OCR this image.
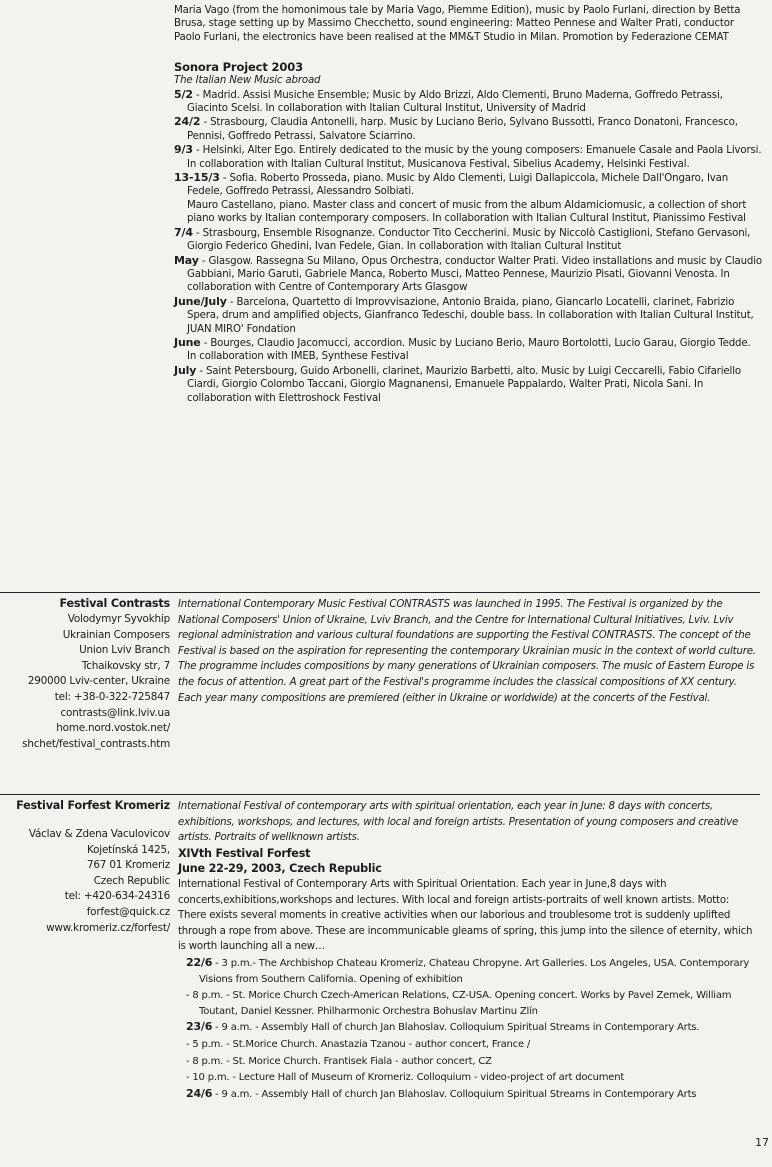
Maria Vago (from the homonimous tale by Maria Vago, Piemme Edition), music by Paolo Furlani, direction by Betta Brusa, stage setting up by Massimo Checchetto, sound engineering: Matteo Pennese and Walter Prati, conductor Paolo Furlani, the electronics have been realised at the MM&T Studio in Milan. Promotion by Federazione CEMAT

Sonora Project 2003

The Italian New Music abroad

5/2 - Madrid. Assisi Musiche Ensemble; Music by Aldo Brizzi, Aldo Clementi, Bruno Maderna, Goffredo Petrassi, Giacinto Scelsi. In collaboration with Italian Cultural Institut, University of Madrid

24/2 - Strasbourg, Claudia Antonelli, harp. Music by Luciano Berio, Sylvano Bussotti, Franco Donatoni, Francesco, Pennisi, Goffredo Petrassi, Salvatore Sciarrino.

9/3 - Helsinki, Alter Ego. Entirely dedicated to the music by the young composers: Emanuele Casale and Paola Livorsi. In collaboration with Italian Cultural Institut, Musicanova Festival, Sibelius Academy, Helsinki Festival.

13-15/3 - Sofia. Roberto Prosseda, piano. Music by Aldo Clementi, Luigi Dallapiccola, Michele Dall'Ongaro, Ivan Fedele, Goffredo Petrassi, Alessandro Solbiati.
Mauro Castellano, piano. Master class and concert of music from the album Aldamiciomusic, a collection of short piano works by Italian contemporary composers. In collaboration with Italian Cultural Institut, Pianissimo Festival

7/4 - Strasbourg, Ensemble Risognanze. Conductor Tito Ceccherini. Music by Niccolò Castiglioni, Stefano Gervasoni, Giorgio Federico Ghedini, Ivan Fedele, Gian. In collaboration with Italian Cultural Institut

May - Glasgow. Rassegna Su Milano, Opus Orchestra, conductor Walter Prati. Video installations and music by Claudio Gabbiani, Mario Garuti, Gabriele Manca, Roberto Musci, Matteo Pennese, Maurizio Pisati, Giovanni Venosta. In collaboration with Centre of Contemporary Arts Glasgow

June/July - Barcelona, Quartetto di Improvvisazione, Antonio Braida, piano, Giancarlo Locatelli, clarinet, Fabrizio Spera, drum and amplified objects, Gianfranco Tedeschi, double bass. In collaboration with Italian Cultural Institut, JUAN MIRO' Fondation

June - Bourges, Claudio Jacomucci, accordion. Music by Luciano Berio, Mauro Bortolotti, Lucio Garau, Giorgio Tedde. In collaboration with IMEB, Synthese Festival

July - Saint Petersbourg, Guido Arbonelli, clarinet, Maurizio Barbetti, alto. Music by Luigi Ceccarelli, Fabio Cifariello Ciardi, Giorgio Colombo Taccani, Giorgio Magnanensi, Emanuele Pappalardo, Walter Prati, Nicola Sani. In collaboration with Elettroshock Festival

Festival Contrasts
Volodymyr Syvokhip
Ukrainian Composers
Union Lviv Branch
Tchaikovsky str, 7
290000 Lviv-center, Ukraine
tel: +38-0-322-725847
contrasts@link.lviv.ua
home.nord.vostok.net/
shchet/festival_contrasts.htm
International Contemporary Music Festival CONTRASTS was launched in 1995. The Festival is organized by the National Composers' Union of Ukraine, Lviv Branch, and the Centre for International Cultural Initiatives, Lviv. Lviv regional administration and various cultural foundations are supporting the Festival CONTRASTS. The concept of the Festival is based on the aspiration for representing the contemporary Ukrainian music in the context of world culture. The programme includes compositions by many generations of Ukrainian composers. The music of Eastern Europe is the focus of attention. A great part of the Festival's programme includes the classical compositions of XX century. Each year many compositions are premiered (either in Ukraine or worldwide) at the concerts of the Festival.
Festival Forfest Kromeriz
Václav & Zdena Vaculovicov
Kojetínská 1425,
767 01 Kromeriz
Czech Republic
tel: +420-634-24316
forfest@quick.cz
www.kromeriz.cz/forfest/

International Festival of contemporary arts with spiritual orientation, each year in June: 8 days with concerts, exhibitions, workshops, and lectures, with local and foreign artists. Presentation of young composers and creative artists. Portraits of wellknown artists.

XIVth Festival Forfest

June 22-29, 2003, Czech Republic

International Festival of Contemporary Arts with Spiritual Orientation. Each year in June,8 days with concerts,exhibitions,workshops and lectures. With local and foreign artists-portraits of well known artists. Motto: There exists several moments in creative activities when our laborious and troublesome trot is suddenly uplifted through a rope from above. These are incommunicable gleams of spring, this jump into the silence of eternity, which is worth launching all a new…

22/6 - 3 p.m.- The Archbishop Chateau Kromeriz, Chateau Chropyne. Art Galleries. Los Angeles, USA. Contemporary Visions from Southern California. Opening of exhibition

- 8 p.m. - St. Morice Church Czech-American Relations, CZ-USA. Opening concert. Works by Pavel Zemek, William Toutant, Daniel Kessner. Philharmonic Orchestra Bohuslav Martinu Zlín

23/6 - 9 a.m. - Assembly Hall of church Jan Blahoslav. Colloquium Spiritual Streams in Contemporary Arts.

- 5 p.m. - St.Morice Church. Anastazia Tzanou - author concert, France /

- 8 p.m. - St. Morice Church. Frantisek Fiala - author concert, CZ

- 10 p.m. - Lecture Hall of Museum of Kromeriz. Colloquium - video-project of art document

24/6 - 9 a.m. - Assembly Hall of church Jan Blahoslav. Colloquium Spiritual Streams in Contemporary Arts

17
